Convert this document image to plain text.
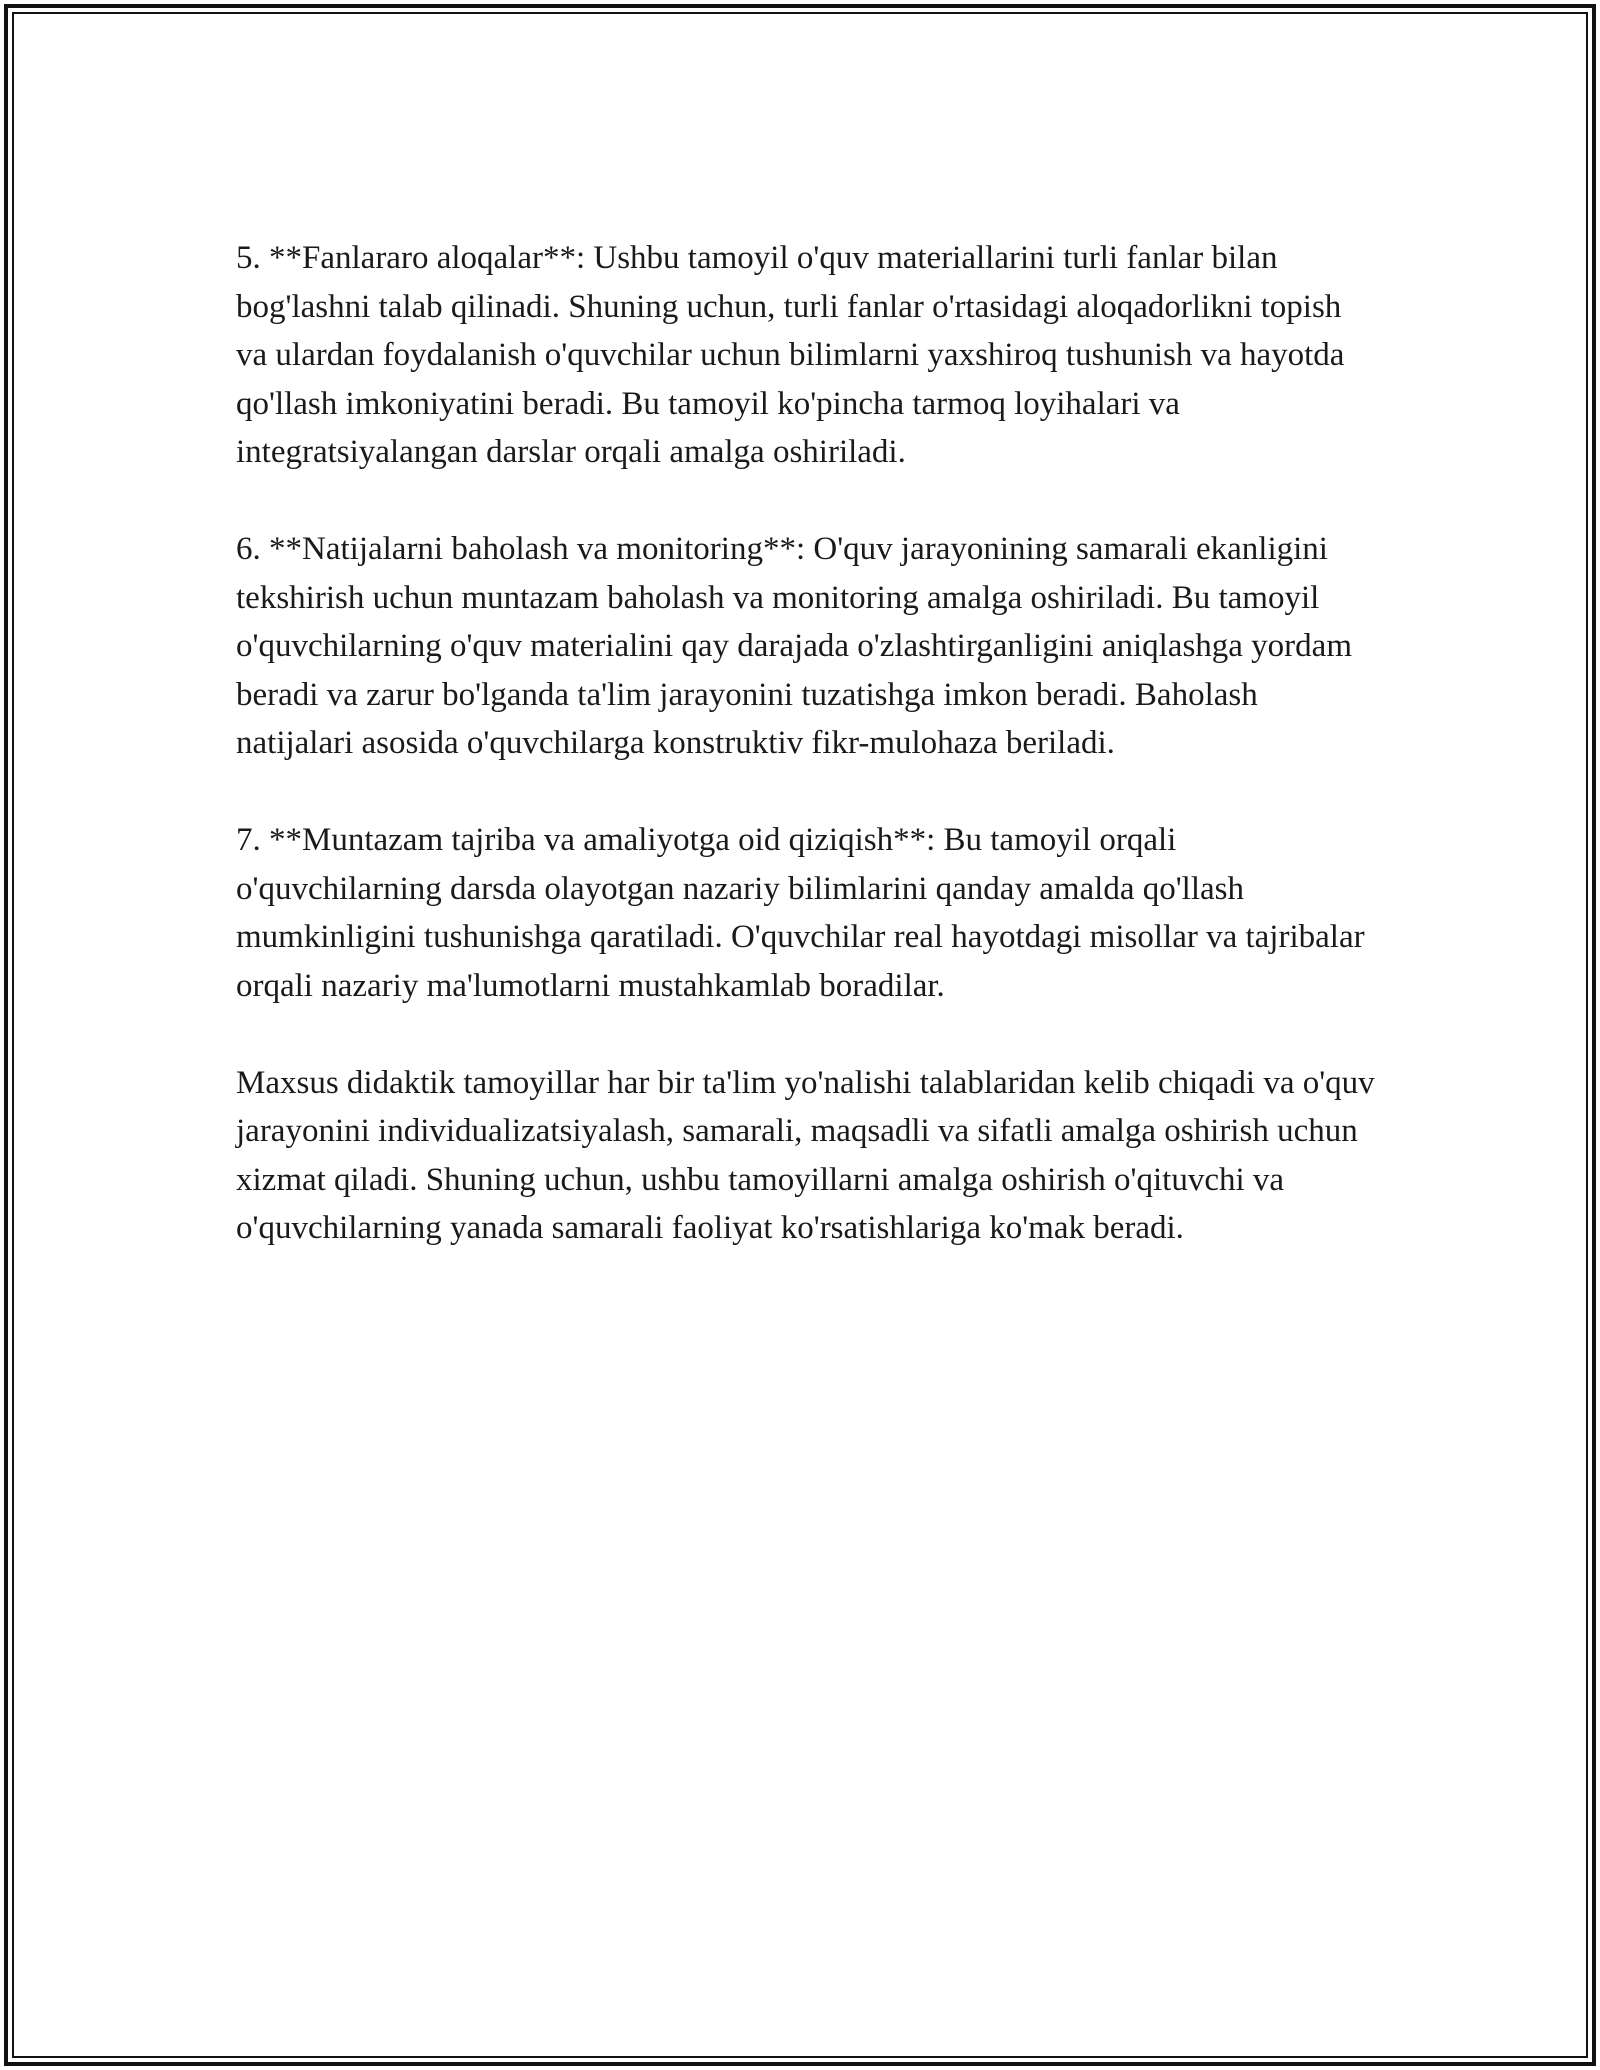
5. **Fanlararo aloqalar**: Ushbu tamoyil o'quv materiallarini turli fanlar bilan bog'lashni talab qilinadi. Shuning uchun, turli fanlar o'rtasidagi aloqadorlikni topish va ulardan foydalanish o'quvchilar uchun bilimlarni yaxshiroq tushunish va hayotda qo'llash imkoniyatini beradi. Bu tamoyil ko'pincha tarmoq loyihalari va integratsiyalangan darslar orqali amalga oshiriladi.

6. **Natijalarni baholash va monitoring**: O'quv jarayonining samarali ekanligini tekshirish uchun muntazam baholash va monitoring amalga oshiriladi. Bu tamoyil o'quvchilarning o'quv materialini qay darajada o'zlashtirganligini aniqlashga yordam beradi va zarur bo'lganda ta'lim jarayonini tuzatishga imkon beradi. Baholash natijalari asosida o'quvchilarga konstruktiv fikr-mulohaza beriladi.

7. **Muntazam tajriba va amaliyotga oid qiziqish**: Bu tamoyil orqali o'quvchilarning darsda olayotgan nazariy bilimlarini qanday amalda qo'llash mumkinligini tushunishga qaratiladi. O'quvchilar real hayotdagi misollar va tajribalar orqali nazariy ma'lumotlarni mustahkamlab boradilar.

Maxsus didaktik tamoyillar har bir ta'lim yo'nalishi talablaridan kelib chiqadi va o'quv jarayonini individualizatsiyalash, samarali, maqsadli va sifatli amalga oshirish uchun xizmat qiladi. Shuning uchun, ushbu tamoyillarni amalga oshirish o'qituvchi va o'quvchilarning yanada samarali faoliyat ko'rsatishlariga ko'mak beradi.
